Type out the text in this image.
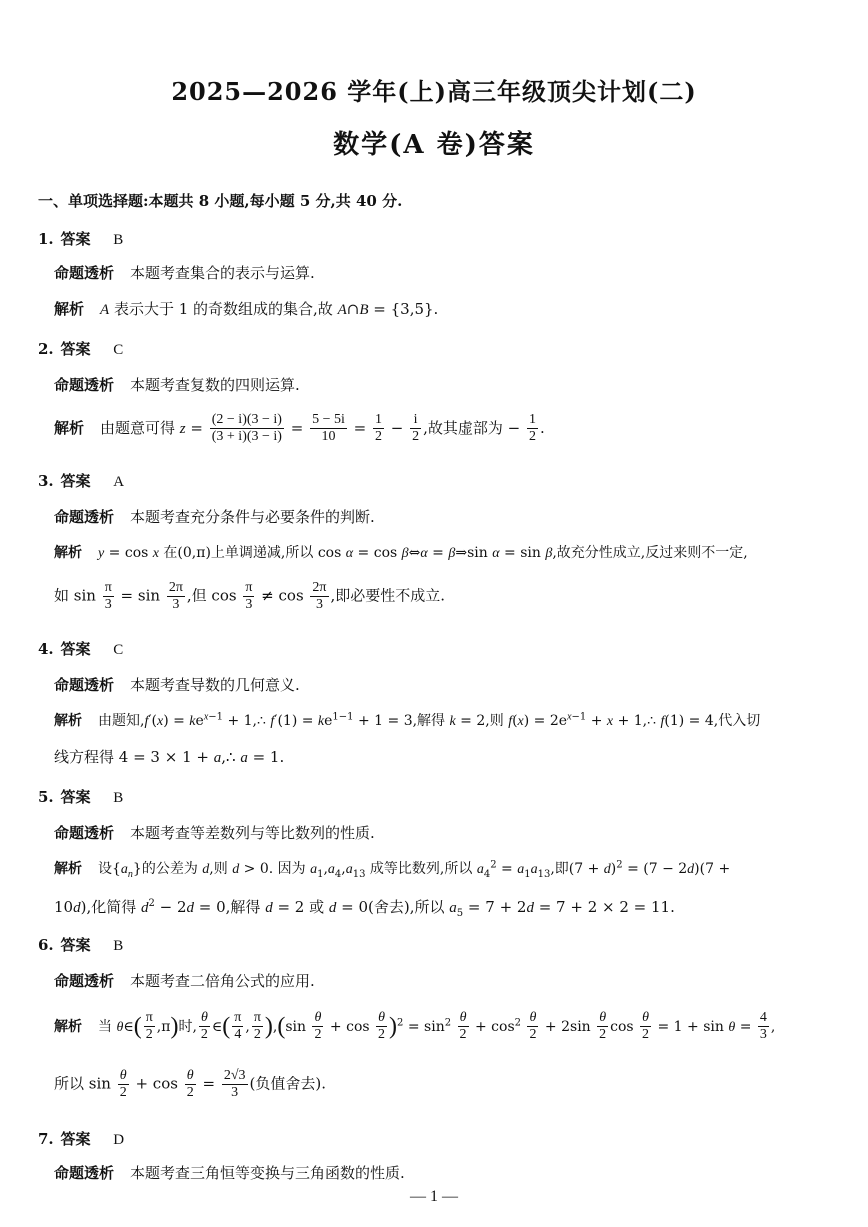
2025—2026 学年(上)高三年级顶尖计划(二)
数学(A 卷)答案
一、单项选择题:本题共 8 小题,每小题 5 分,共 40 分.
1. 答案 B
命题透析 本题考查集合的表示与运算.
解析 A 表示大于 1 的奇数组成的集合,故 A∩B = {3,5}.
2. 答案 C
命题透析 本题考查复数的四则运算.
解析 由题意可得 $z = \frac{(2 - i)(3 - i)}{(3 + i)(3 - i)} = \frac{5 - 5i}{10} = \frac{1}{2} - \frac{i}{2}$ ,故其虚部为 − $\frac{1}{2}$ .
3. 答案 A
命题透析 本题考查充分条件与必要条件的判断.
解析 y = cos x 在(0,π)上单调递减,所以 cos α = cos β⇔α = β⇒sin α = sin β,故充分性成立,反过来则不一定,
如 $\sin \frac{\pi}{3} = \sin \frac{2\pi}{3}$ ,但 $\cos \frac{\pi}{3} \ne \cos \frac{2\pi}{3}$ ,即必要性不成立.
4. 答案 C
命题透析 本题考查导数的几何意义.
解析 由题知$,f'(x) = ke^{x-1}$ + 1,∴ $f'(1) = ke^{1-1} + 1 = 3$,解得 k = 2,则 $f(x) = 2e^{x-1} + x$ + 1,∴ f(1) = 4,代入切
线方程得 4 = 3 × 1 + a,∴ a = 1.
5. 答案 B
命题透析 本题考查等差数列与等比数列的性质.
解析 设$\{a_n\}$的公差为 d,则 d > 0. 因为 $a_1,a_4,a_{13}$ 成等比数列,所以 $a_4^2 = a_1a_{13}$,即$(7 + d)^2 = (7 - 2d)(7$ +
10d),化简得 $d^2 - 2d = 0$,解得 d = 2 或 d = 0(舍去),所以 $a_5 = 7 + 2d = 7 + 2 \times 2 = 11$.
6. 答案 B
命题透析 本题考查二倍角公式的应用.
解析 当 θ∈( $\frac{\pi}{2} ,\pi$)时, $\frac{\theta}{2}$ ∈( $\frac{\pi}{4}$ , $\frac{\pi}{2} ),(\sin \frac{\theta}{2} + \cos \frac{\theta}{2} )^2 = \sin^2 \frac{\theta}{2} + \cos^2 \frac{\theta}{2} + 2\sin \frac{\theta}{2}$ $\cos \frac{\theta}{2} = 1 + \sin \theta = \frac{4}{3}$ ,
所以 $\sin \frac{\theta}{2} + \cos \frac{\theta}{2} = \frac{2√3}{3}$ (负值舍去).
7. 答案 D
命题透析 本题考查三角恒等变换与三角函数的性质.
— 1 —
